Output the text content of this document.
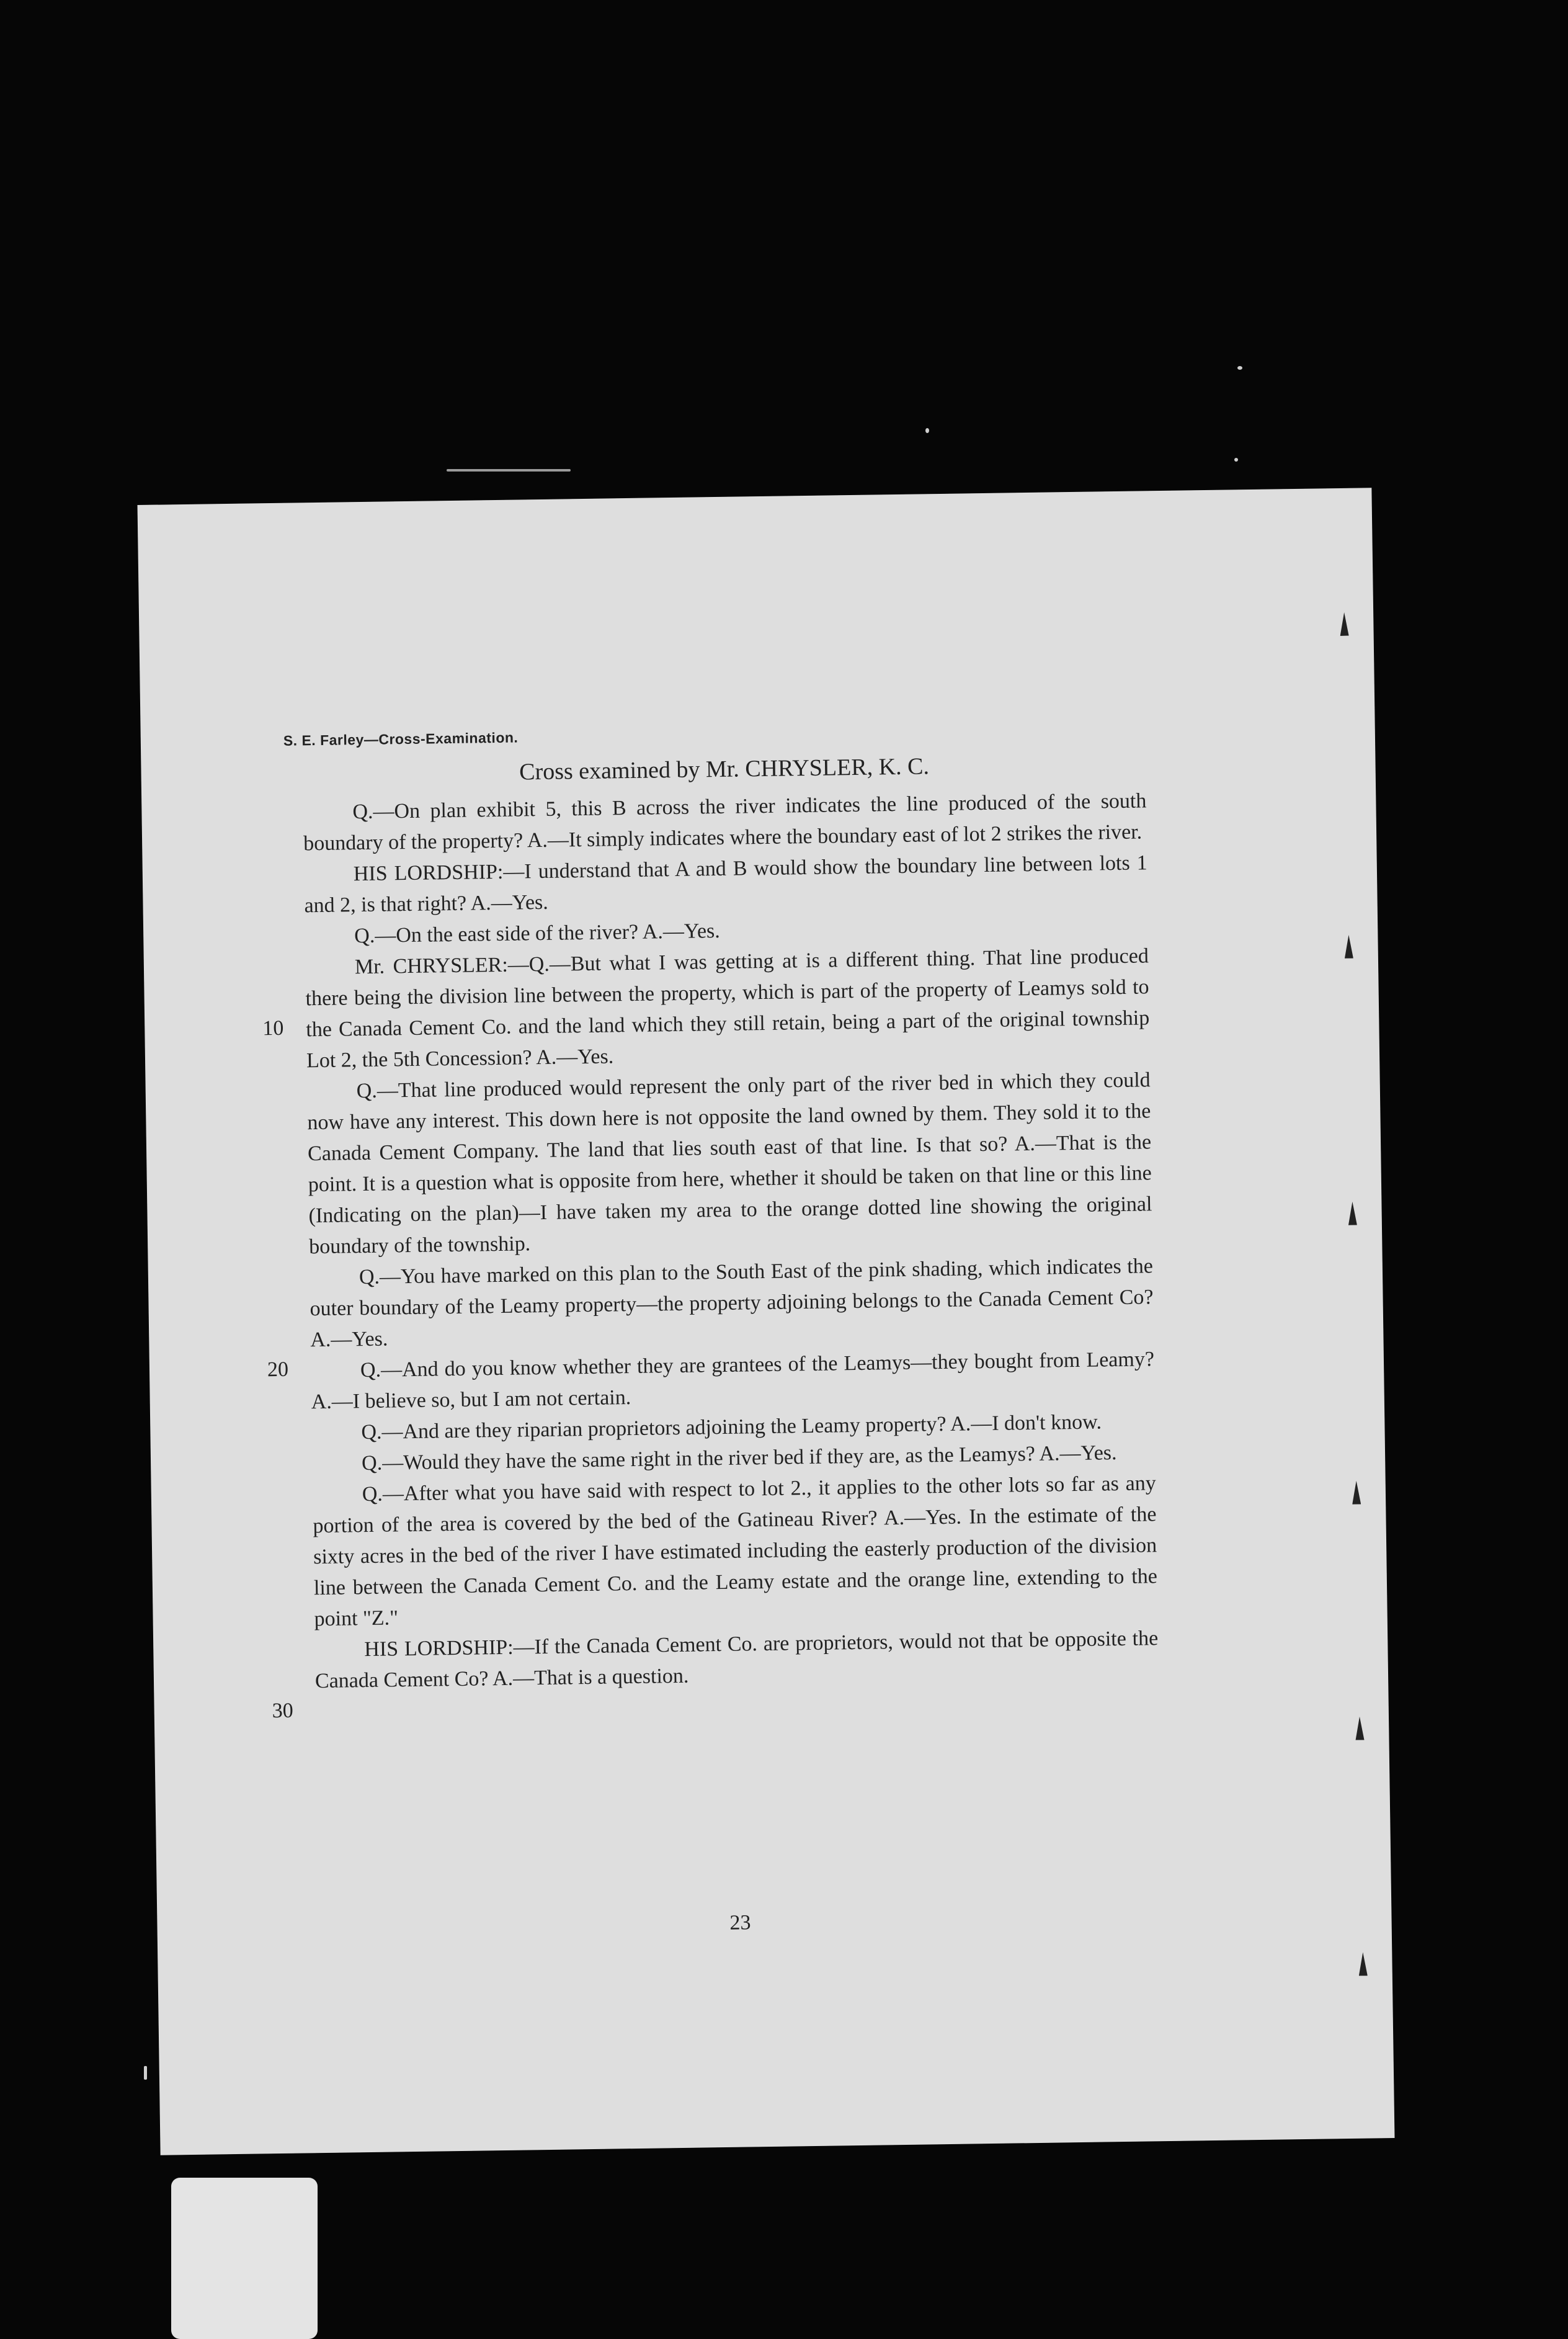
S. E. Farley—Cross-Examination.
Cross examined by Mr. CHRYSLER, K. C.

Q.—On plan exhibit 5, this B across the river indicates the line produced of the south boundary of the property? A.—It simply indicates where the boundary east of lot 2 strikes the river.

HIS LORDSHIP:—I understand that A and B would show the boundary line between lots 1 and 2, is that right? A.—Yes.

Q.—On the east side of the river? A.—Yes.

Mr. CHRYSLER:—Q.—But what I was getting at is a different thing. That line produced there being the division line between the property, which is part of the property of Leamys sold to the Canada Cement Co. and the land which they still retain, being a part of the original township Lot 2, the 5th Concession? A.—Yes.

Q.—That line produced would represent the only part of the river bed in which they could now have any interest. This down here is not opposite the land owned by them. They sold it to the Canada Cement Company. The land that lies south east of that line. Is that so? A.—That is the point. It is a question what is opposite from here, whether it should be taken on that line or this line (Indicating on the plan)—I have taken my area to the orange dotted line showing the original boundary of the township.

Q.—You have marked on this plan to the South East of the pink shading, which indicates the outer boundary of the Leamy property—the property adjoining belongs to the Canada Cement Co? A.—Yes.

Q.—And do you know whether they are grantees of the Leamys—they bought from Leamy? A.—I believe so, but I am not certain.

Q.—And are they riparian proprietors adjoining the Leamy property? A.—I don't know.

Q.—Would they have the same right in the river bed if they are, as the Leamys? A.—Yes.

Q.—After what you have said with respect to lot 2., it applies to the other lots so far as any portion of the area is covered by the bed of the Gatineau River? A.—Yes. In the estimate of the sixty acres in the bed of the river I have estimated including the easterly production of the division line between the Canada Cement Co. and the Leamy estate and the orange line, extending to the point "Z."

HIS LORDSHIP:—If the Canada Cement Co. are proprietors, would not that be opposite the Canada Cement Co? A.—That is a question.

10
20
30
23
